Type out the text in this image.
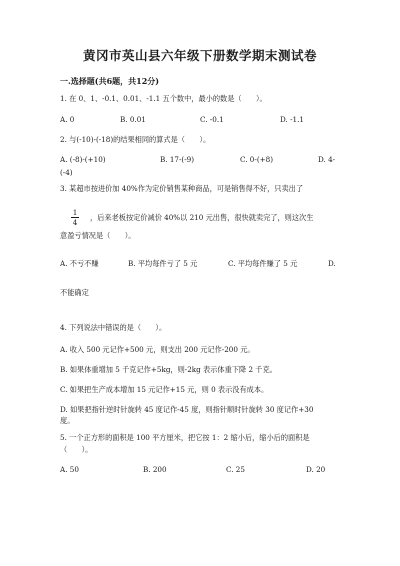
黄冈市英山县六年级下册数学期末测试卷
一.选择题(共6题，共12分)
1. 在 0、1、-0.1、0.01、-1.1 五个数中，最小的数是（　　）。
A. 0	B. 0.01	C. -0.1	D. -1.1
2. 与(-10)-(-18)的结果相同的算式是（　　）。
A. (-8)-(+10)	B. 17-(-9)	C. 0-(+8)	D. 4-
(-4)
3. 某超市按进价加 40%作为定价销售某种商品，可是销售得不好，只卖出了
1
4
，后来老板按定价减价 40%以 210 元出售，很快就卖完了，则这次生
意盈亏情况是（　　）。
A. 不亏不赚	B. 平均每件亏了 5 元	C. 平均每件赚了 5 元	D.
不能确定
4. 下列说法中错误的是（　　）。
A. 收入 500 元记作+500 元，则支出 200 元记作-200 元。
B. 如果体重增加 5 千克记作+5kg，则-2kg 表示体重下降 2 千克。
C. 如果把生产成本增加 15 元记作+15 元，则 0 表示没有成本。
D. 如果把指针逆时针旋转 45 度记作-45 度，则指针顺时针旋转 30 度记作+30
度。
5. 一个正方形的面积是 100 平方厘米，把它按 1：2 缩小后，缩小后的面积是
（　　）。
A. 50	B. 200	C. 25	D. 20
